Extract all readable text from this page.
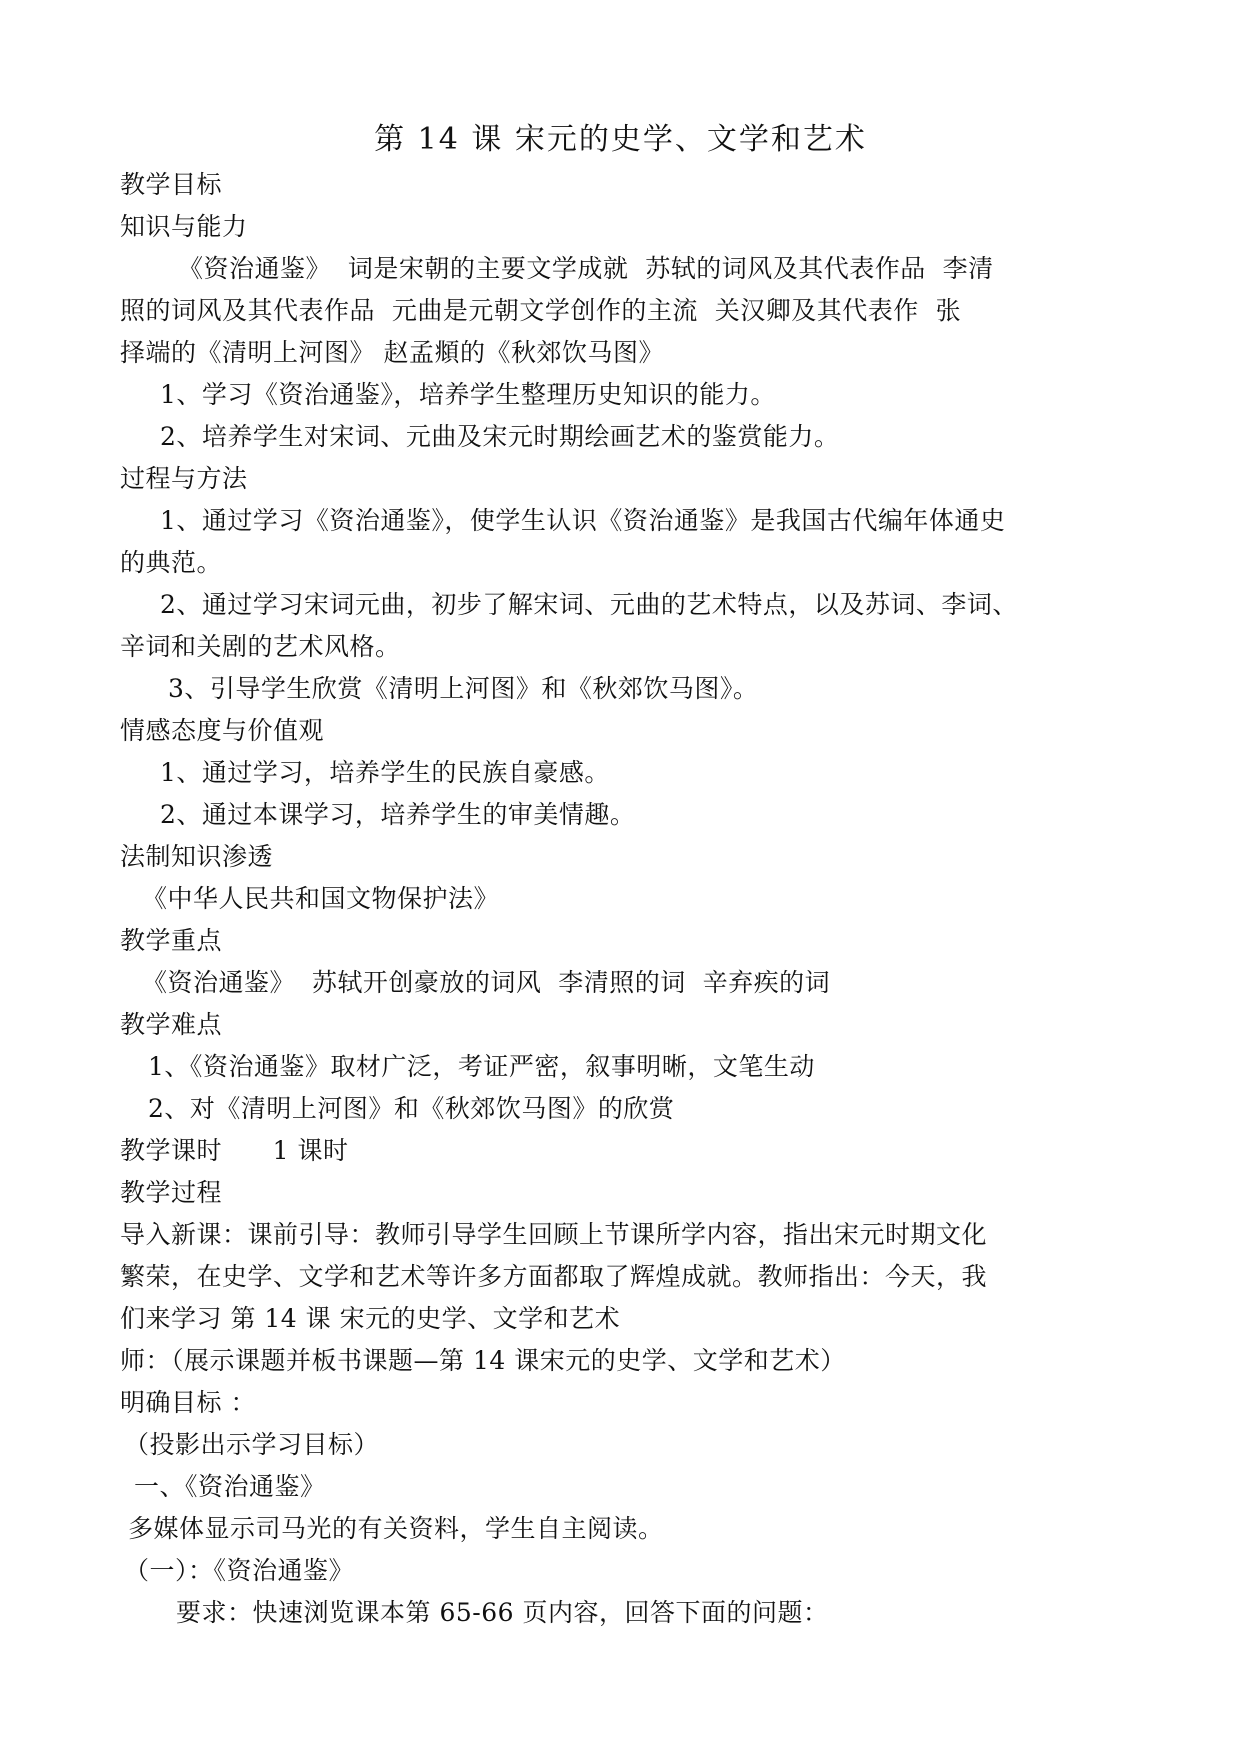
第 14 课 宋元的史学、文学和艺术
教学目标
知识与能力
《资治通鉴》  词是宋朝的主要文学成就  苏轼的词风及其代表作品  李清
照的词风及其代表作品  元曲是元朝文学创作的主流  关汉卿及其代表作  张
择端的《清明上河图》 赵孟頫的《秋郊饮马图》
1、学习《资治通鉴》，培养学生整理历史知识的能力。
2、培养学生对宋词、元曲及宋元时期绘画艺术的鉴赏能力。
过程与方法
1、通过学习《资治通鉴》，使学生认识《资治通鉴》是我国古代编年体通史
的典范。
2、通过学习宋词元曲，初步了解宋词、元曲的艺术特点，以及苏词、李词、
辛词和关剧的艺术风格。
3、引导学生欣赏《清明上河图》和《秋郊饮马图》。
情感态度与价值观
1、通过学习，培养学生的民族自豪感。
2、通过本课学习，培养学生的审美情趣。
法制知识渗透
《中华人民共和国文物保护法》
教学重点
《资治通鉴》  苏轼开创豪放的词风  李清照的词  辛弃疾的词
教学难点
1、《资治通鉴》取材广泛，考证严密，叙事明晰，文笔生动
2、对《清明上河图》和《秋郊饮马图》的欣赏
教学课时      1 课时
教学过程
导入新课：课前引导：教师引导学生回顾上节课所学内容，指出宋元时期文化
繁荣，在史学、文学和艺术等许多方面都取了辉煌成就。教师指出：今天，我
们来学习 第 14 课 宋元的史学、文学和艺术
师：（展示课题并板书课题—第 14 课宋元的史学、文学和艺术）
明确目标 ：
（投影出示学习目标）
一、《资治通鉴》
多媒体显示司马光的有关资料，学生自主阅读。
（一）：《资治通鉴》
要求：快速浏览课本第 65-66 页内容，回答下面的问题：
